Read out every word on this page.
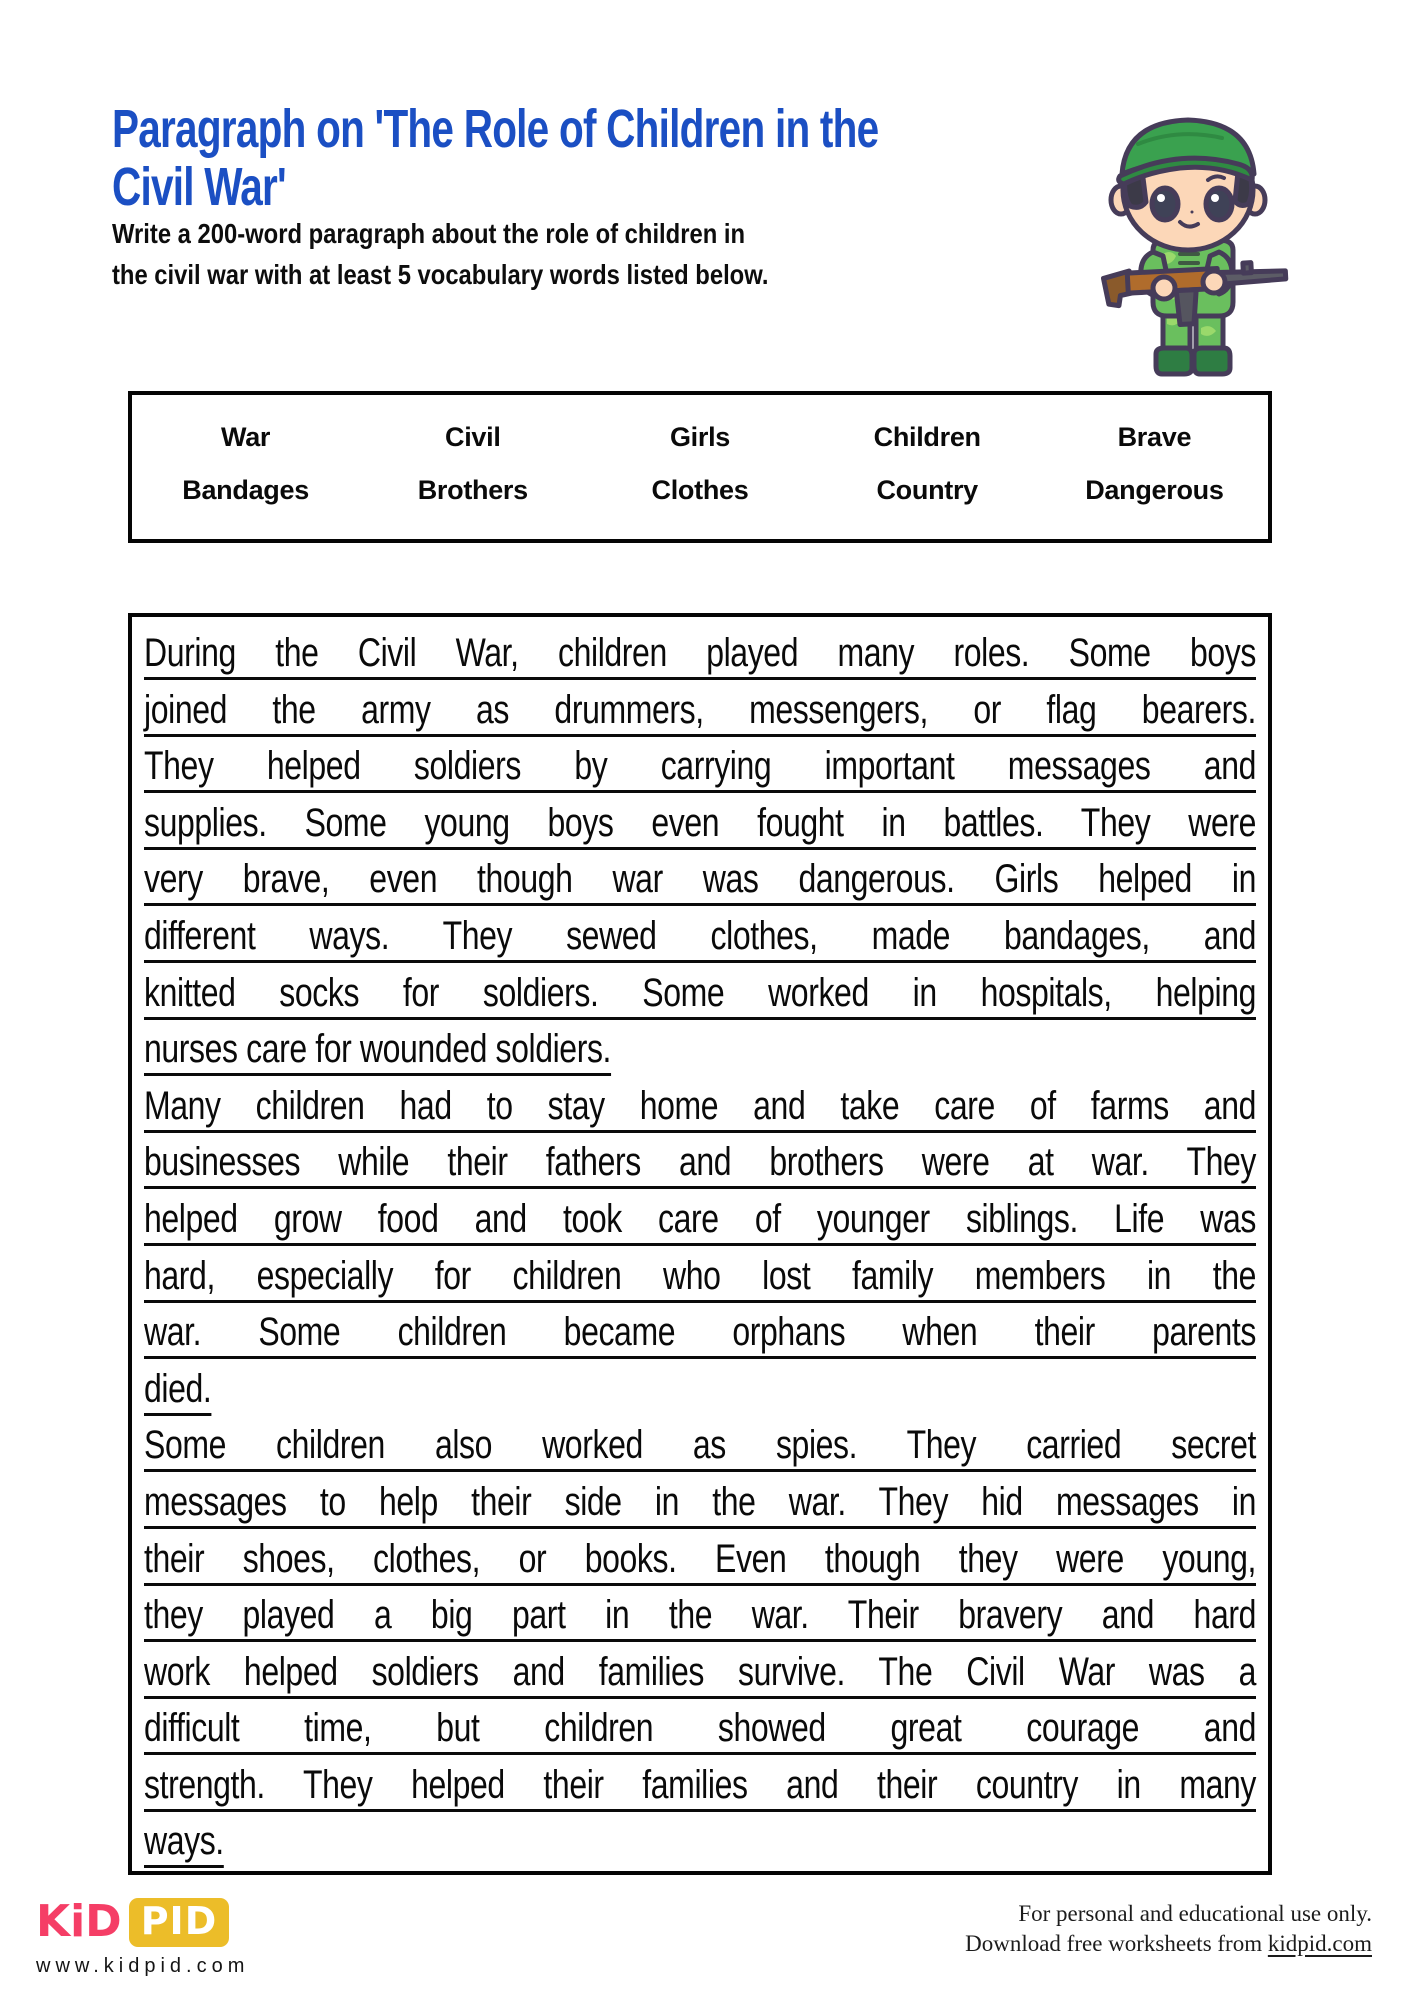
Paragraph on 'The Role of Children in the
Civil War'
Write a 200-word paragraph about the role of children in
the civil war with at least 5 vocabulary words listed below.
War	Civil	Girls	Children	Brave
Bandages	Brothers	Clothes	Country	Dangerous
During the Civil War, children played many roles. Some boys
joined the army as drummers, messengers, or flag bearers.
They helped soldiers by carrying important messages and
supplies. Some young boys even fought in battles. They were
very brave, even though war was dangerous. Girls helped in
different ways. They sewed clothes, made bandages, and
knitted socks for soldiers. Some worked in hospitals, helping
nurses care for wounded soldiers.
Many children had to stay home and take care of farms and
businesses while their fathers and brothers were at war. They
helped grow food and took care of younger siblings. Life was
hard, especially for children who lost family members in the
war. Some children became orphans when their parents
died.
Some children also worked as spies. They carried secret
messages to help their side in the war. They hid messages in
their shoes, clothes, or books. Even though they were young,
they played a big part in the war. Their bravery and hard
work helped soldiers and families survive. The Civil War was a
difficult time, but children showed great courage and
strength. They helped their families and their country in many
ways.
KiD PID
www.kidpid.com
For personal and educational use only.
Download free worksheets from kidpid.com
